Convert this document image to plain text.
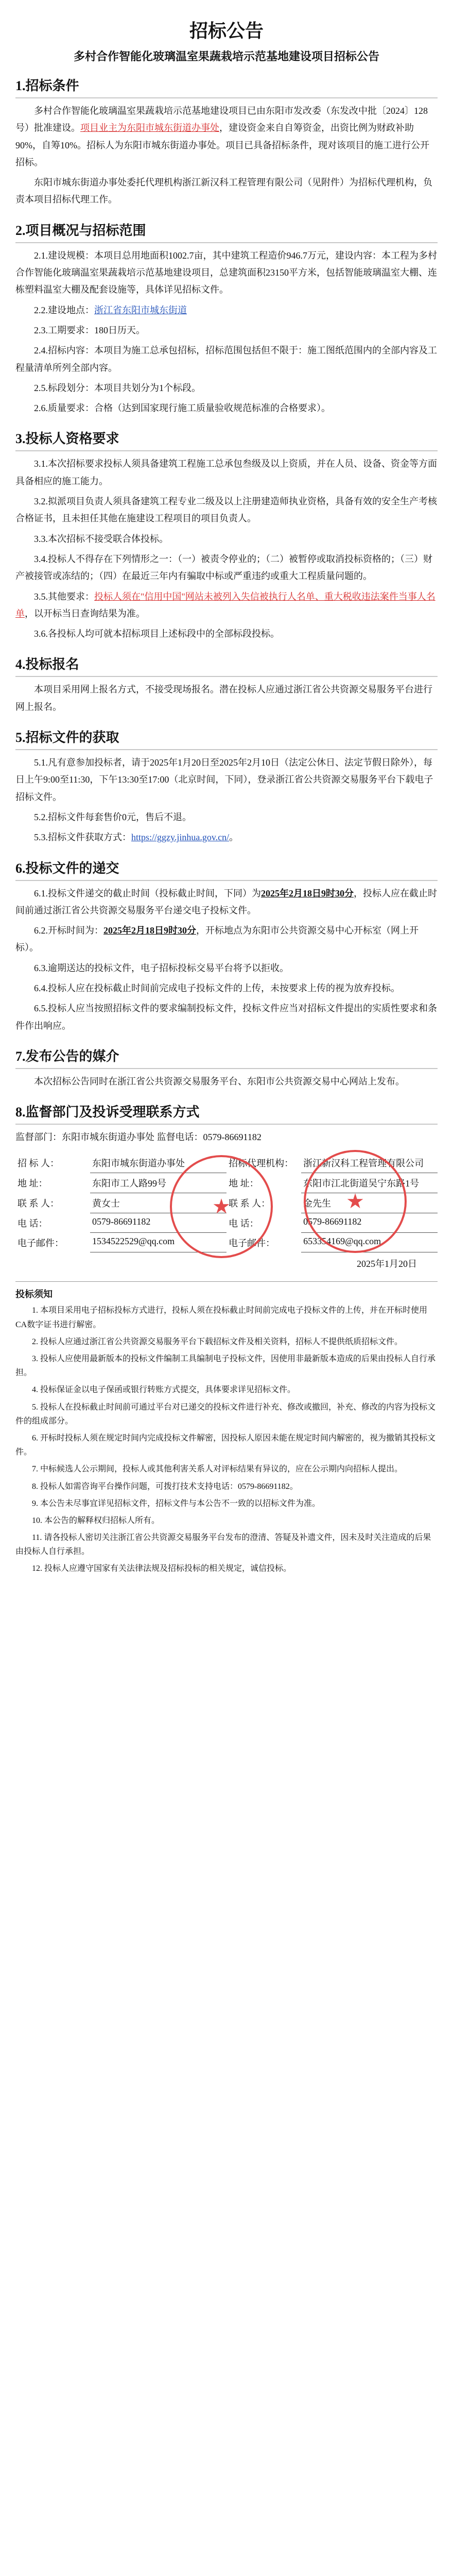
招标公告
多村合作智能化玻璃温室果蔬栽培示范基地建设项目招标公告
1.招标条件

多村合作智能化玻璃温室果蔬栽培示范基地建设项目已由东阳市发改委（东发改中批〔2024〕128号）批准建设。项目业主为东阳市城东街道办事处，建设资金来自自筹资金，出资比例为财政补助90%，自筹10%。招标人为东阳市城东街道办事处。项目已具备招标条件，现对该项目的施工进行公开招标。

东阳市城东街道办事处委托代理机构浙江新汉科工程管理有限公司（见附件）为招标代理机构，负责本项目招标代理工作。

2.项目概况与招标范围

2.1.建设规模：本项目总用地面积1002.7亩，其中建筑工程造价946.7万元，建设内容：本工程为多村合作智能化玻璃温室果蔬栽培示范基地建设项目，总建筑面积23150平方米，包括智能玻璃温室大棚、连栋塑料温室大棚及配套设施等，具体详见招标文件。

2.2.建设地点：浙江省东阳市城东街道

2.3.工期要求：180日历天。

2.4.招标内容：本项目为施工总承包招标，招标范围包括但不限于：施工图纸范围内的全部内容及工程量清单所列全部内容。

2.5.标段划分：本项目共划分为1个标段。

2.6.质量要求：合格（达到国家现行施工质量验收规范标准的合格要求）。

3.投标人资格要求

3.1.本次招标要求投标人须具备建筑工程施工总承包叁级及以上资质，并在人员、设备、资金等方面具备相应的施工能力。

3.2.拟派项目负责人须具备建筑工程专业二级及以上注册建造师执业资格，具备有效的安全生产考核合格证书，且未担任其他在施建设工程项目的项目负责人。

3.3.本次招标不接受联合体投标。

3.4.投标人不得存在下列情形之一：（一）被责令停业的；（二）被暂停或取消投标资格的；（三）财产被接管或冻结的；（四）在最近三年内有骗取中标或严重违约或重大工程质量问题的。

3.5.其他要求：投标人须在"信用中国"网站未被列入失信被执行人名单、重大税收违法案件当事人名单，以开标当日查询结果为准。

3.6.各投标人均可就本招标项目上述标段中的全部标段投标。

4.投标报名

本项目采用网上报名方式，不接受现场报名。潜在投标人应通过浙江省公共资源交易服务平台进行网上报名。

5.招标文件的获取

5.1.凡有意参加投标者，请于2025年1月20日至2025年2月10日（法定公休日、法定节假日除外），每日上午9:00至11:30，下午13:30至17:00（北京时间，下同），登录浙江省公共资源交易服务平台下载电子招标文件。

5.2.招标文件每套售价0元，售后不退。

5.3.招标文件获取方式：https://ggzy.jinhua.gov.cn/。

6.投标文件的递交

6.1.投标文件递交的截止时间（投标截止时间，下同）为2025年2月18日9时30分，投标人应在截止时间前通过浙江省公共资源交易服务平台递交电子投标文件。

6.2.开标时间为：2025年2月18日9时30分，开标地点为东阳市公共资源交易中心开标室（网上开标）。

6.3.逾期送达的投标文件，电子招标投标交易平台将予以拒收。

6.4.投标人应在投标截止时间前完成电子投标文件的上传，未按要求上传的视为放弃投标。

6.5.投标人应当按照招标文件的要求编制投标文件，投标文件应当对招标文件提出的实质性要求和条件作出响应。

7.发布公告的媒介

本次招标公告同时在浙江省公共资源交易服务平台、东阳市公共资源交易中心网站上发布。

8.监督部门及投诉受理联系方式

监督部门：东阳市城东街道办事处 监督电话：0579-86691182

招 标 人：	东阳市城东街道办事处	招标代理机构：	浙江新汉科工程管理有限公司
地 址：	东阳市工人路99号	地 址：	东阳市江北街道吴宁东路1号
联 系 人：	黄女士	联 系 人：	金先生
电 话：	0579-86691182	电 话：	0579-86691182
电子邮件：	1534522529@qq.com	电子邮件：	653354169@qq.com
★	★
2025年1月20日
投标须知

1. 本项目采用电子招标投标方式进行，投标人须在投标截止时间前完成电子投标文件的上传，并在开标时使用CA数字证书进行解密。

2. 投标人应通过浙江省公共资源交易服务平台下载招标文件及相关资料，招标人不提供纸质招标文件。

3. 投标人应使用最新版本的投标文件编制工具编制电子投标文件，因使用非最新版本造成的后果由投标人自行承担。

4. 投标保证金以电子保函或银行转账方式提交，具体要求详见招标文件。

5. 投标人在投标截止时间前可通过平台对已递交的投标文件进行补充、修改或撤回，补充、修改的内容为投标文件的组成部分。

6. 开标时投标人须在规定时间内完成投标文件解密，因投标人原因未能在规定时间内解密的，视为撤销其投标文件。

7. 中标候选人公示期间，投标人或其他利害关系人对评标结果有异议的，应在公示期内向招标人提出。

8. 投标人如需咨询平台操作问题，可拨打技术支持电话：0579-86691182。

9. 本公告未尽事宜详见招标文件，招标文件与本公告不一致的以招标文件为准。

10. 本公告的解释权归招标人所有。

11. 请各投标人密切关注浙江省公共资源交易服务平台发布的澄清、答疑及补遗文件，因未及时关注造成的后果由投标人自行承担。

12. 投标人应遵守国家有关法律法规及招标投标的相关规定，诚信投标。
